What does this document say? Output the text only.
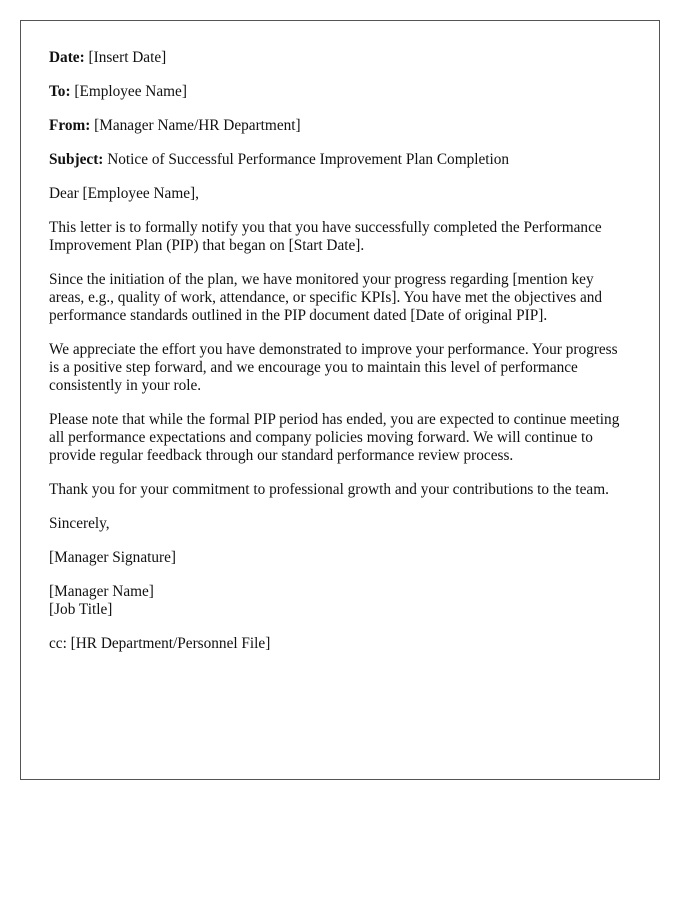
Date: [Insert Date]
To: [Employee Name]
From: [Manager Name/HR Department]
Subject: Notice of Successful Performance Improvement Plan Completion

Dear [Employee Name],

This letter is to formally notify you that you have successfully completed the Performance Improvement Plan (PIP) that began on [Start Date].

Since the initiation of the plan, we have monitored your progress regarding [mention key areas, e.g., quality of work, attendance, or specific KPIs]. You have met the objectives and performance standards outlined in the PIP document dated [Date of original PIP].

We appreciate the effort you have demonstrated to improve your performance. Your progress is a positive step forward, and we encourage you to maintain this level of performance consistently in your role.

Please note that while the formal PIP period has ended, you are expected to continue meeting all performance expectations and company policies moving forward. We will continue to provide regular feedback through our standard performance review process.

Thank you for your commitment to professional growth and your contributions to the team.

Sincerely,

[Manager Signature]

[Manager Name]
[Job Title]

cc: [HR Department/Personnel File]
